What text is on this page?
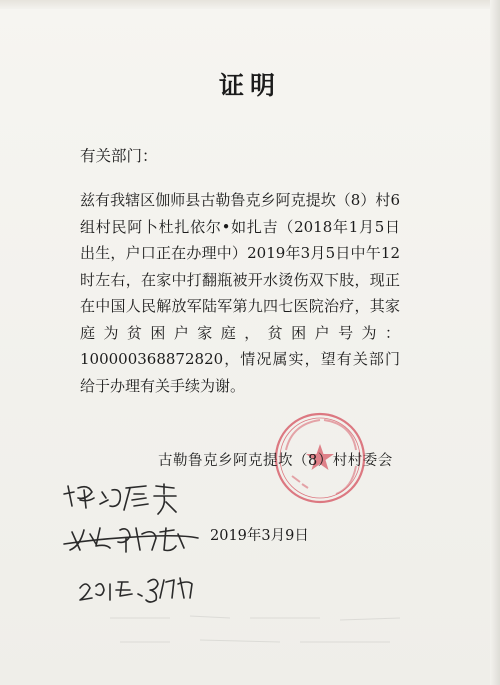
证明
有关部门：

兹有我辖区伽师县古勒鲁克乡阿克提坎（8）村6组村民阿卜杜扎依尔•如扎吉（2018年1月5日出生，户口正在办理中）2019年3月5日中午12时左右，在家中打翻瓶被开水烫伤双下肢，现正在中国人民解放军陆军第九四七医院治疗，其家庭为贫困户家庭，贫困户号为：100000368872820，情况属实，望有关部门给于办理有关手续为谢。

古勒鲁克乡阿克提坎（8）村村委会
2019年3月9日
